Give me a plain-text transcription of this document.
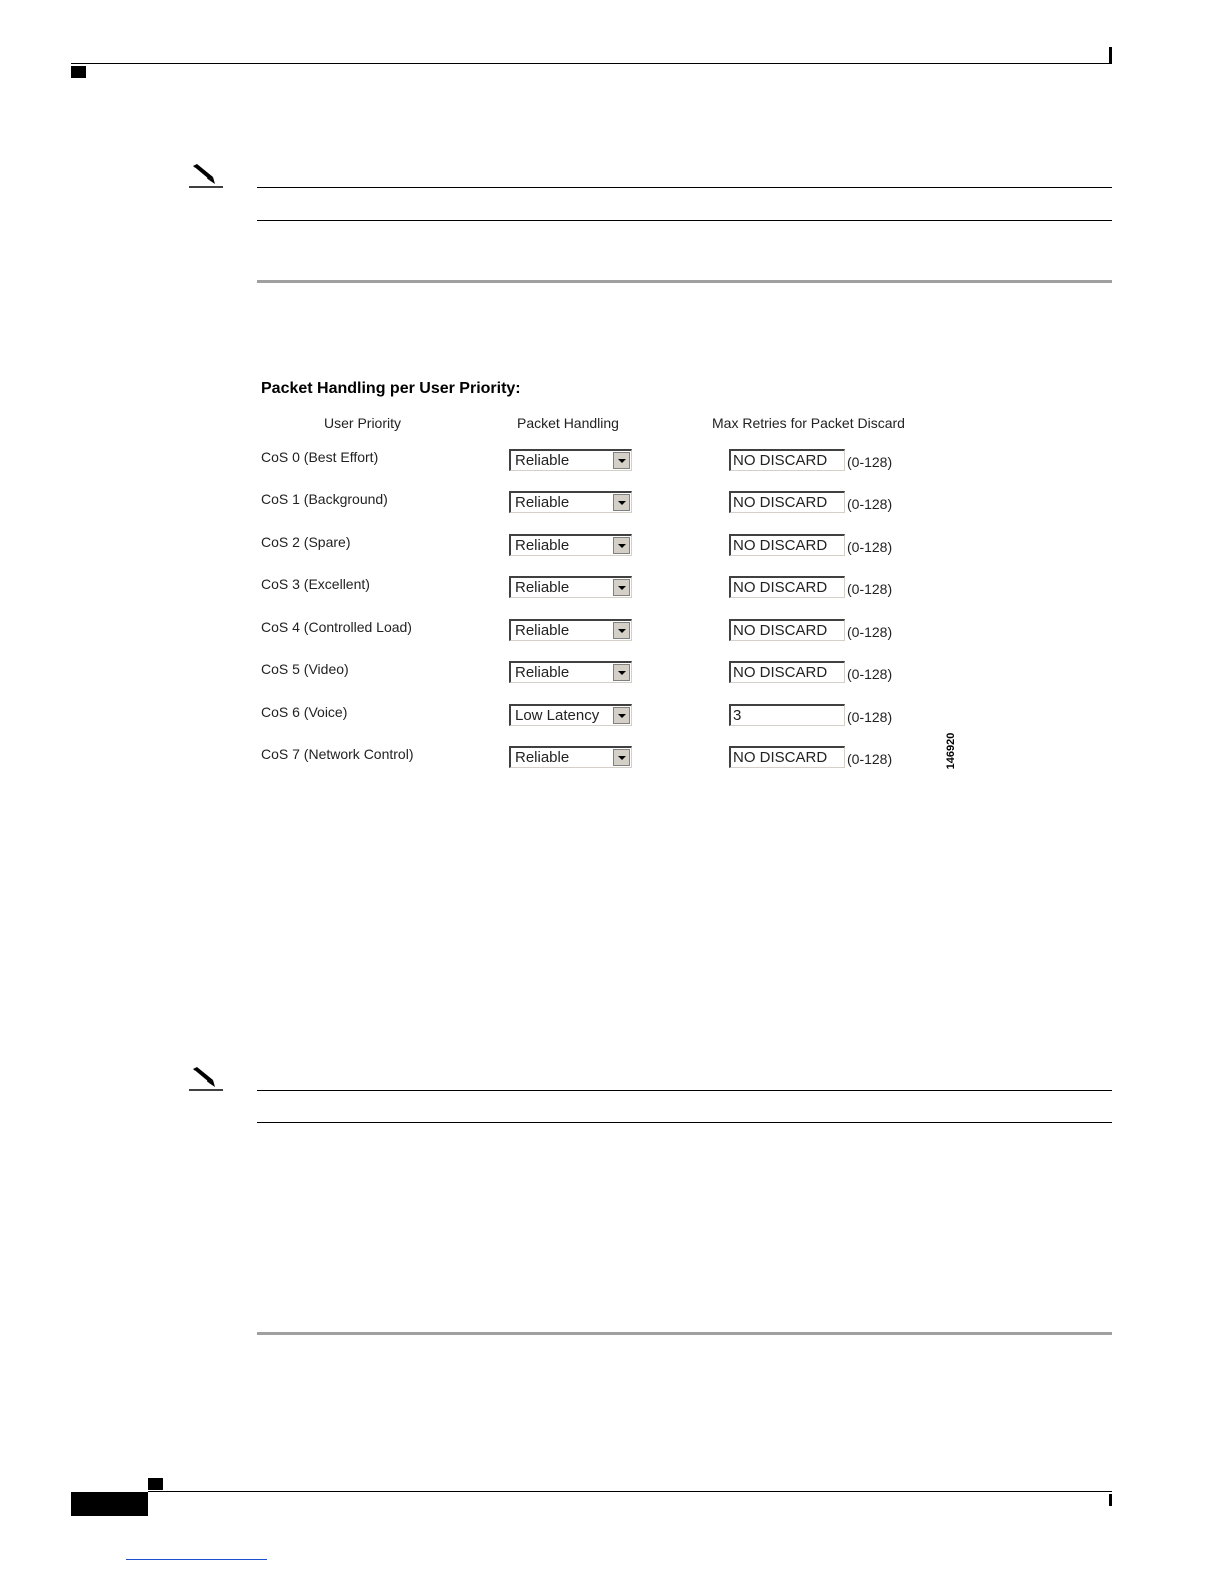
Packet Handling per User Priority:
User Priority	Packet Handling	Max Retries for Packet Discard
CoS 0 (Best Effort)	Reliable	NO DISCARD (0-128)
CoS 1 (Background)	Reliable	NO DISCARD (0-128)
CoS 2 (Spare)	Reliable	NO DISCARD (0-128)
CoS 3 (Excellent)	Reliable	NO DISCARD (0-128)
CoS 4 (Controlled Load)	Reliable	NO DISCARD (0-128)
CoS 5 (Video)	Reliable	NO DISCARD (0-128)
CoS 6 (Voice)	Low Latency	3	(0-128)
CoS 7 (Network Control)	Reliable	NO DISCARD (0-128)	146920
